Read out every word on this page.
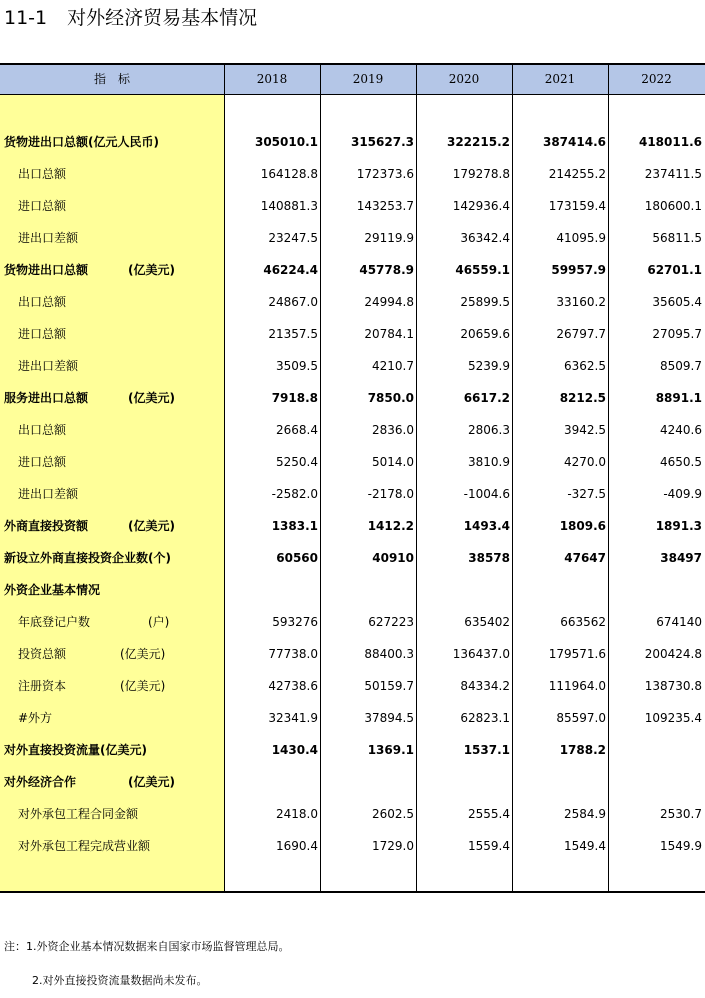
11-1 对外经济贸易基本情况
指　标	2018	2019	2020	2021	2022
货物进出口总额(亿元人民币)	305010.1	315627.3	322215.2	387414.6	418011.6
出口总额	164128.8	172373.6	179278.8	214255.2	237411.5
进口总额	140881.3	143253.7	142936.4	173159.4	180600.1
进出口差额	23247.5	29119.9	36342.4	41095.9	56811.5
货物进出口总额	(亿美元)	46224.4	45778.9	46559.1	59957.9	62701.1
出口总额	24867.0	24994.8	25899.5	33160.2	35605.4
进口总额	21357.5	20784.1	20659.6	26797.7	27095.7
进出口差额	3509.5	4210.7	5239.9	6362.5	8509.7
服务进出口总额	(亿美元)	7918.8	7850.0	6617.2	8212.5	8891.1
出口总额	2668.4	2836.0	2806.3	3942.5	4240.6
进口总额	5250.4	5014.0	3810.9	4270.0	4650.5
进出口差额	-2582.0	-2178.0	-1004.6	-327.5	-409.9
外商直接投资额	(亿美元)	1383.1	1412.2	1493.4	1809.6	1891.3
新设立外商直接投资企业数(个)	60560	40910	38578	47647	38497
外资企业基本情况
年底登记户数	(户)	593276	627223	635402	663562	674140
投资总额	(亿美元)	77738.0	88400.3	136437.0	179571.6	200424.8
注册资本	(亿美元)	42738.6	50159.7	84334.2	111964.0	138730.8
#外方	32341.9	37894.5	62823.1	85597.0	109235.4
对外直接投资流量(亿美元)	1430.4	1369.1	1537.1	1788.2
对外经济合作	(亿美元)
对外承包工程合同金额	2418.0	2602.5	2555.4	2584.9	2530.7
对外承包工程完成营业额	1690.4	1729.0	1559.4	1549.4	1549.9
注：1.外资企业基本情况数据来自国家市场监督管理总局。
2.对外直接投资流量数据尚未发布。
